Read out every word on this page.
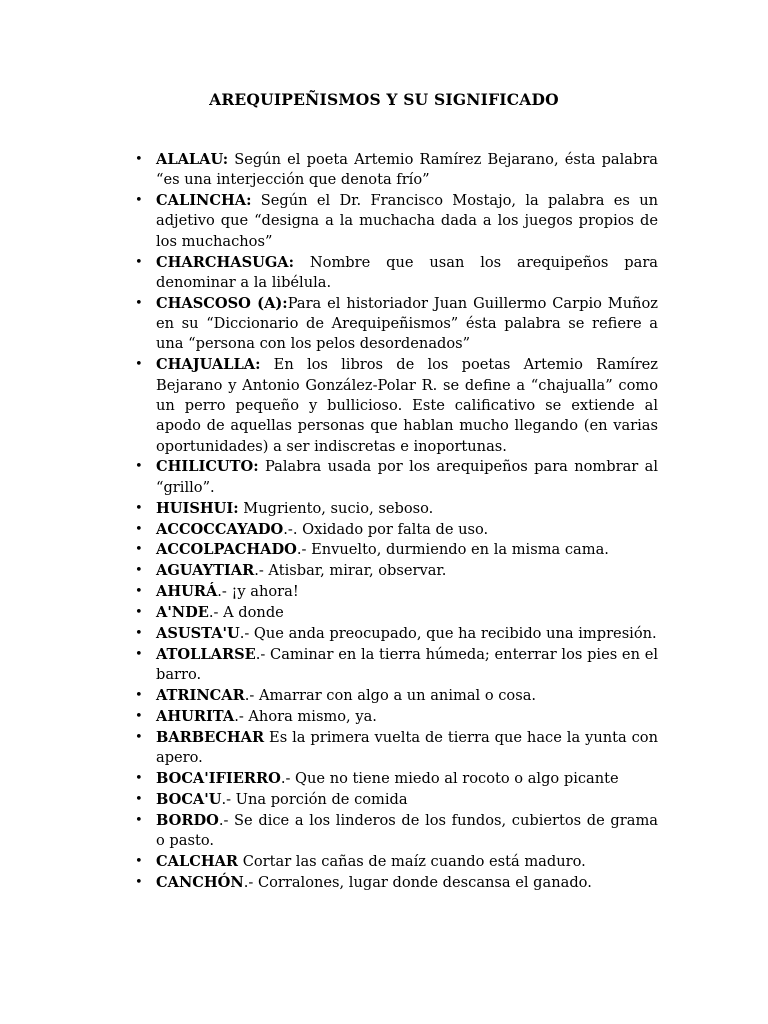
AREQUIPEÑISMOS Y SU SIGNIFICADO
• ALALAU: Según el poeta Artemio Ramírez Bejarano, ésta palabra “es una interjección que denota frío”
• CALINCHA: Según el Dr. Francisco Mostajo, la palabra es un adjetivo que “designa a la muchacha dada a los juegos propios de los muchachos”
• CHARCHASUGA: Nombre que usan los arequipeños para denominar a la libélula.
• CHASCOSO (A):Para el historiador Juan Guillermo Carpio Muñoz en su “Diccionario de Arequipeñismos” ésta palabra se refiere a una “persona con los pelos desordenados”
• CHAJUALLA: En los libros de los poetas Artemio Ramírez Bejarano y Antonio González-Polar R. se define a “chajualla” como un perro pequeño y bullicioso. Este calificativo se extiende al apodo de aquellas personas que hablan mucho llegando (en varias oportunidades) a ser indiscretas e inoportunas.
• CHILICUTO: Palabra usada por los arequipeños para nombrar al “grillo”.
• HUISHUI: Mugriento, sucio, seboso.
• ACCOCCAYADO.-. Oxidado por falta de uso.
• ACCOLPACHADO.- Envuelto, durmiendo en la misma cama.
• AGUAYTIAR.- Atisbar, mirar, observar.
• AHURÁ.- ¡y ahora!
• A'NDE.- A donde
• ASUSTA'U.- Que anda preocupado, que ha recibido una impresión.
• ATOLLARSE.- Caminar en la tierra húmeda; enterrar los pies en el barro.
• ATRINCAR.- Amarrar con algo a un animal o cosa.
• AHURITA.- Ahora mismo, ya.
• BARBECHAR Es la primera vuelta de tierra que hace la yunta con apero.
• BOCA'IFIERRO.- Que no tiene miedo al rocoto o algo picante
• BOCA'U.- Una porción de comida
• BORDO.- Se dice a los linderos de los fundos, cubiertos de grama o pasto.
• CALCHAR Cortar las cañas de maíz cuando está maduro.
• CANCHÓN.- Corralones, lugar donde descansa el ganado.
